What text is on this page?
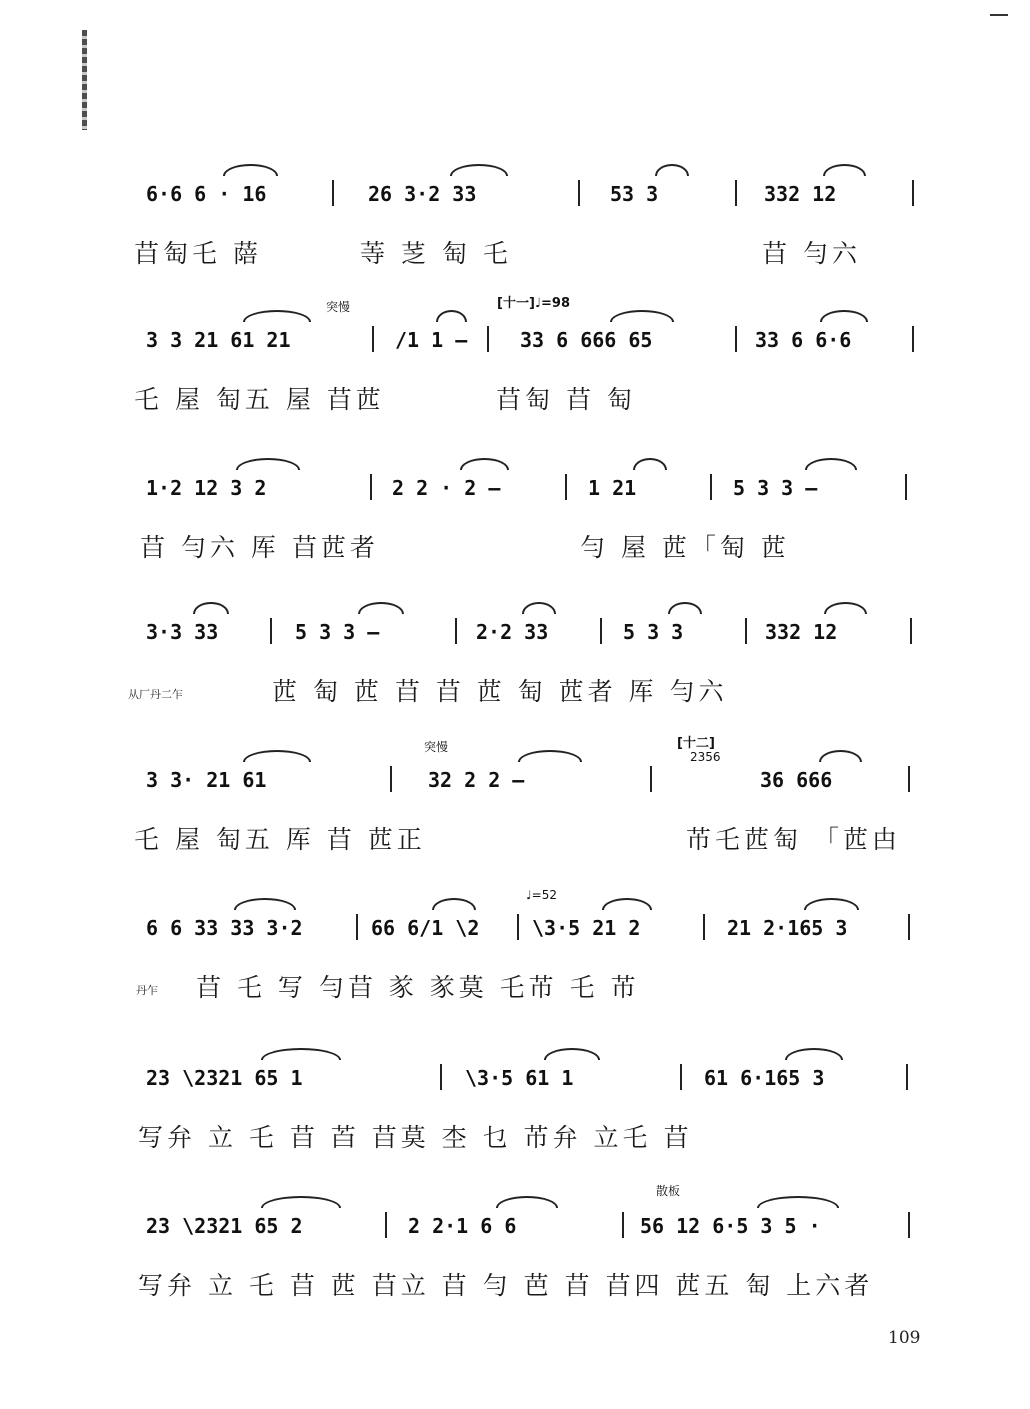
6·6 6 · 16	26 3·2 33	53 3	332 12
​䒤匋乇 䔒	​䓁 䒦 ​匋 乇	䒤 勻六
3 3 21 61 21	/1 1 —	33 6 666 65	33 6 6·6
突慢	[十一]♩=98
乇 屋 匋五 屋 䒤苉	​䒤匋​ ​䒤 匋​
1·2 12 3 2	2 2 · 2 —	1 21	5 3 3 —
䒤 勻六 厍 䒤苉者	勻 屋 苉「匋 苉
3·3 33	5 3 3 —	2·2 33	5 3 3	332 12
从厂丹二乍	苉 匋 苉 䒤 䒤 苉 匋 苉者 厍 勻六
3 3· 21 61	32 2 2 —	36 666
突慢	[十二]
2356
乇 屋 匋五 厍 䒤 苉正	芇乇苉匋 「苉甴
6 6 33 33 3·2	66 6/1 \2	\3·5 21 2	21 2·165 3
♩=52
丹乍 䒤 乇 写 勻䒤 㒸 㒸莫 乇芇 乇 芇
23 \2321 65 1	\3·5 61 1	61 6·165 3
写弁 立 乇 䒤 苩 䒤莫 杢 乜 芇弁 立乇 䒤
23 \2321 65 2	2 2·1 6 6	56 12 6·5 3 5 ·
散板
写弁 立 乇 䒤 苉 䒤立 䒤 勻 芭 䒤 䒤四 苉五 匋 上六者
109
